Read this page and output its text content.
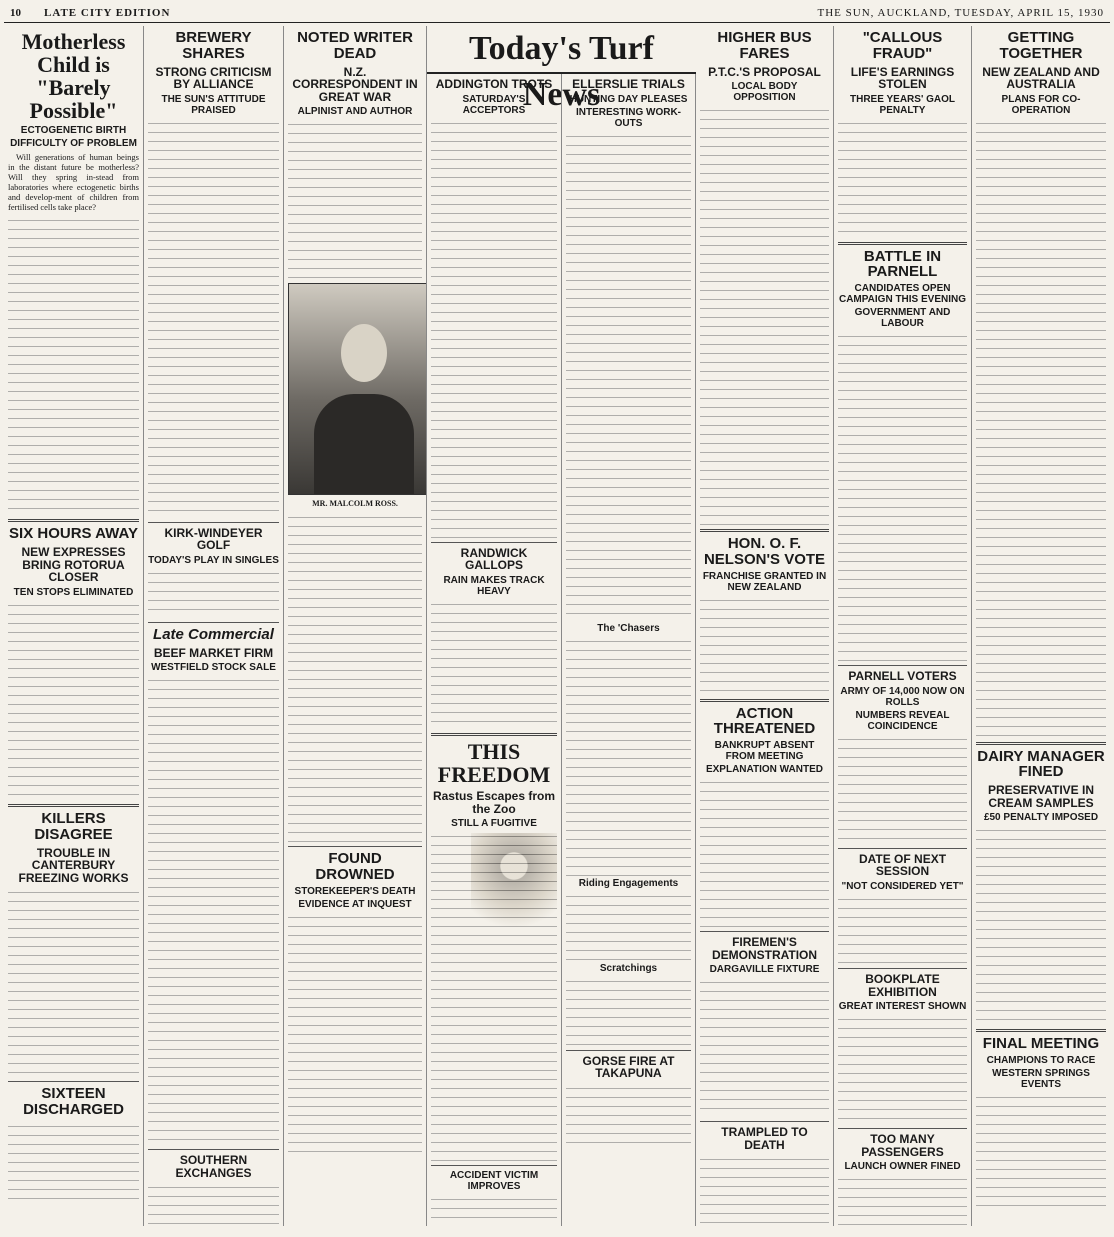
10 LATE CITY EDITION	THE SUN, AUCKLAND, TUESDAY, APRIL 15, 1930
Motherless Child is "Barely Possible"
ECTOGENETIC BIRTH
DIFFICULTY OF PROBLEM

Will generations of human beings in the distant future be motherless? Will they spring in-stead from laboratories where ectogenetic births and develop-ment of children from fertilised cells take place?

SIX HOURS AWAY
NEW EXPRESSES BRING ROTORUA CLOSER
TEN STOPS ELIMINATED
KILLERS DISAGREE
TROUBLE IN CANTERBURY FREEZING WORKS
SIXTEEN DISCHARGED
BREWERY SHARES
STRONG CRITICISM BY ALLIANCE
THE SUN'S ATTITUDE PRAISED
KIRK-WINDEYER GOLF
TODAY'S PLAY IN SINGLES
Late Commercial
BEEF MARKET FIRM
WESTFIELD STOCK SALE
SOUTHERN EXCHANGES
NOTED WRITER DEAD
N.Z. CORRESPONDENT IN GREAT WAR
ALPINIST AND AUTHOR
MR. MALCOLM ROSS.
FOUND DROWNED
STOREKEEPER'S DEATH
EVIDENCE AT INQUEST
Today's Turf News
ADDINGTON TROTS
SATURDAY'S ACCEPTORS
RANDWICK GALLOPS
RAIN MAKES TRACK HEAVY
THIS FREEDOM
Rastus Escapes from the Zoo
STILL A FUGITIVE
ACCIDENT VICTIM IMPROVES
ELLERSLIE TRIALS
HUNTING DAY PLEASES
INTERESTING WORK-OUTS
The 'Chasers
Riding Engagements
Scratchings
GORSE FIRE AT TAKAPUNA
HIGHER BUS FARES
P.T.C.'S PROPOSAL
LOCAL BODY OPPOSITION
HON. O. F. NELSON'S VOTE
FRANCHISE GRANTED IN NEW ZEALAND
ACTION THREATENED
BANKRUPT ABSENT FROM MEETING
EXPLANATION WANTED
FIREMEN'S DEMONSTRATION
DARGAVILLE FIXTURE
TRAMPLED TO DEATH
"CALLOUS FRAUD"
LIFE'S EARNINGS STOLEN
THREE YEARS' GAOL PENALTY
BATTLE IN PARNELL
CANDIDATES OPEN CAMPAIGN THIS EVENING
GOVERNMENT AND LABOUR
PARNELL VOTERS
ARMY OF 14,000 NOW ON ROLLS
NUMBERS REVEAL COINCIDENCE
DATE OF NEXT SESSION
"NOT CONSIDERED YET"
BOOKPLATE EXHIBITION
GREAT INTEREST SHOWN
TOO MANY PASSENGERS
LAUNCH OWNER FINED
GETTING TOGETHER
NEW ZEALAND AND AUSTRALIA
PLANS FOR CO-OPERATION
DAIRY MANAGER FINED
PRESERVATIVE IN CREAM SAMPLES
£50 PENALTY IMPOSED
FINAL MEETING
CHAMPIONS TO RACE
WESTERN SPRINGS EVENTS
